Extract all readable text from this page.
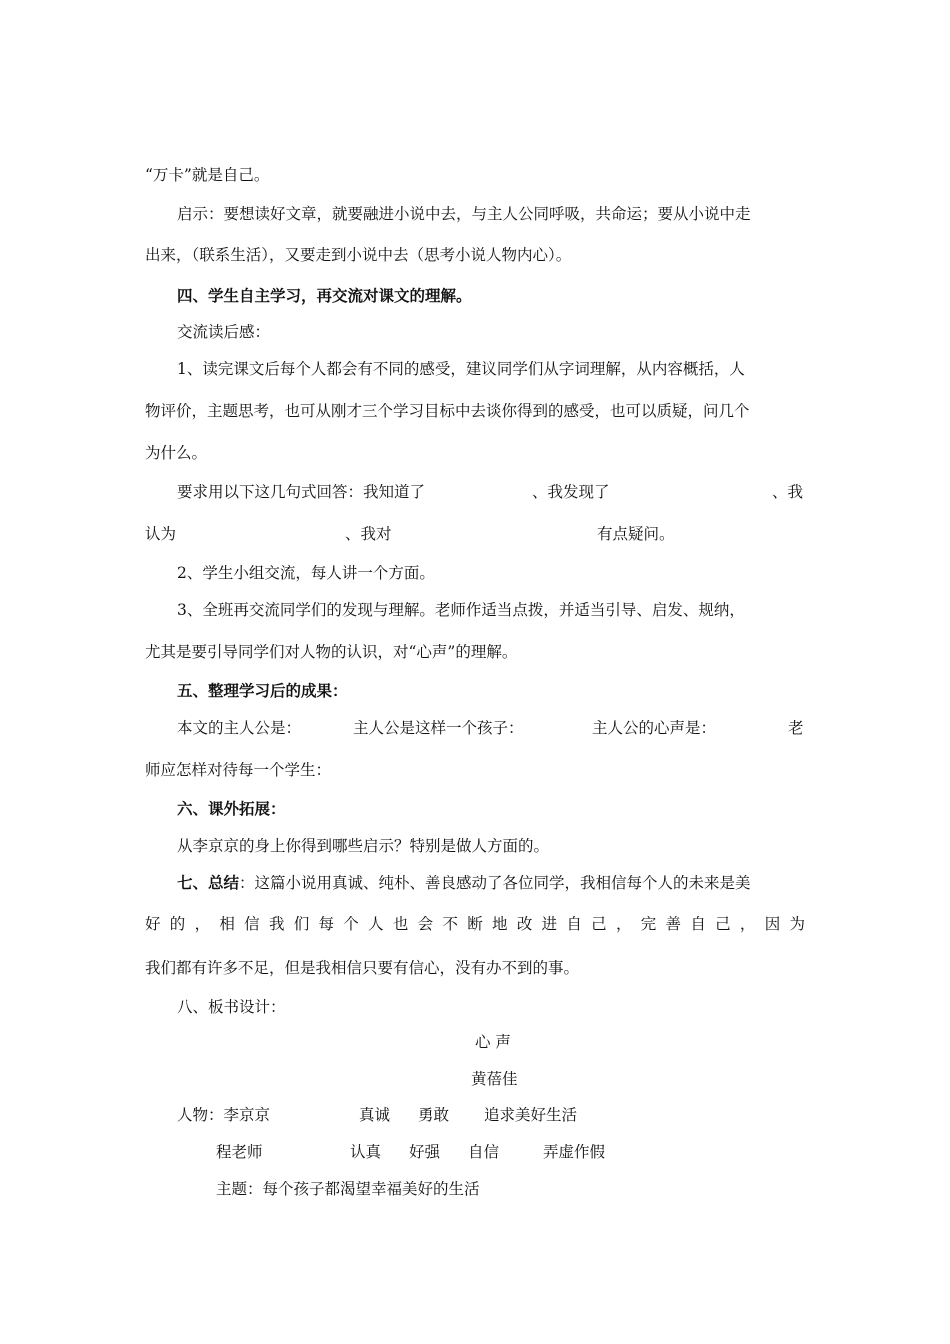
“万卡”就是自己。
启示：要想读好文章，就要融进小说中去，与主人公同呼吸，共命运；要从小说中走
出来，（联系生活），又要走到小说中去（思考小说人物内心）。
四、学生自主学习，再交流对课文的理解。
交流读后感：
1、读完课文后每个人都会有不同的感受，建议同学们从字词理解，从内容概括，人
物评价，主题思考，也可从刚才三个学习目标中去谈你得到的感受，也可以质疑，问几个
为什么。
要求用以下这几句式回答：我知道了	、我发现了	、我
认为	、我对	有点疑问。
2、学生小组交流，每人讲一个方面。
3、全班再交流同学们的发现与理解。老师作适当点拨，并适当引导、启发、规纳，
尤其是要引导同学们对人物的认识，对“心声”的理解。
五、整理学习后的成果：
本文的主人公是：	主人公是这样一个孩子：	主人公的心声是：	老
师应怎样对待每一个学生：
六、课外拓展：
从李京京的身上你得到哪些启示？特别是做人方面的。
七、总结：这篇小说用真诚、纯朴、善良感动了各位同学，我相信每个人的未来是美
好的，相信我们每个人也会不断地改进自己，完善自己，因为
我们都有许多不足，但是我相信只要有信心，没有办不到的事。
八、板书设计：
心 声
黄蓓佳
人物：李京京	真诚 勇敢 追求美好生活
程老师	认真 好强 自信	弄虚作假
主题：每个孩子都渴望幸福美好的生活
